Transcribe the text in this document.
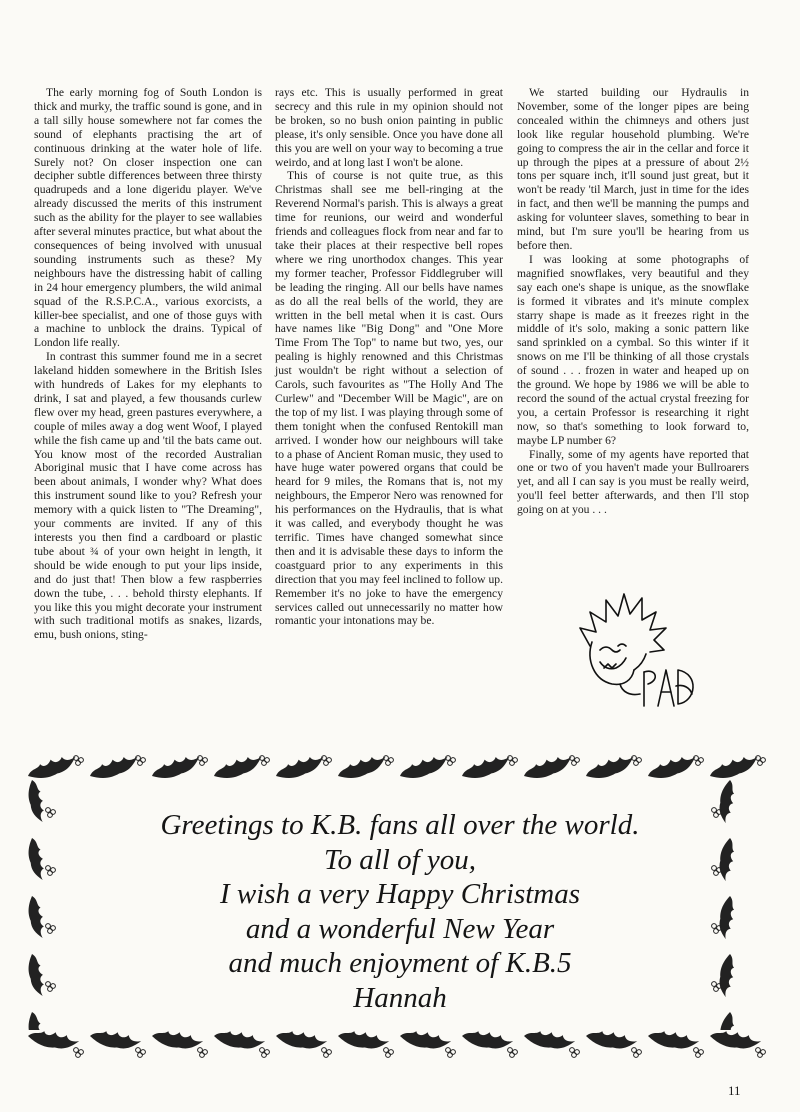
The early morning fog of South London is thick and murky, the traffic sound is gone, and in a tall silly house somewhere not far comes the sound of elephants practising the art of continuous drinking at the water hole of life. Surely not? On closer inspection one can decipher subtle differences between three thirsty quadrupeds and a lone digeridu player. We've already discussed the merits of this instrument such as the ability for the player to see wallabies after several minutes practice, but what about the consequences of being involved with unusual sounding instruments such as these? My neighbours have the distressing habit of calling in 24 hour emergency plumbers, the wild animal squad of the R.S.P.C.A., various exorcists, a killer-bee specialist, and one of those guys with a machine to unblock the drains. Typical of London life really.

In contrast this summer found me in a secret lakeland hidden somewhere in the British Isles with hundreds of Lakes for my elephants to drink, I sat and played, a few thousands curlew flew over my head, green pastures everywhere, a couple of miles away a dog went Woof, I played while the fish came up and 'til the bats came out. You know most of the recorded Australian Aboriginal music that I have come across has been about animals, I wonder why? What does this instrument sound like to you? Refresh your memory with a quick listen to "The Dreaming", your comments are invited. If any of this interests you then find a cardboard or plastic tube about ¾ of your own height in length, it should be wide enough to put your lips inside, and do just that! Then blow a few raspberries down the tube, . . . behold thirsty elephants. If you like this you might decorate your instrument with such traditional motifs as snakes, lizards, emu, bush onions, sting-

rays etc. This is usually performed in great secrecy and this rule in my opinion should not be broken, so no bush onion painting in public please, it's only sensible. Once you have done all this you are well on your way to becoming a true weirdo, and at long last I won't be alone.

This of course is not quite true, as this Christmas shall see me bell-ringing at the Reverend Normal's parish. This is always a great time for reunions, our weird and wonderful friends and colleagues flock from near and far to take their places at their respective bell ropes where we ring unorthodox changes. This year my former teacher, Professor Fiddlegruber will be leading the ringing. All our bells have names as do all the real bells of the world, they are written in the bell metal when it is cast. Ours have names like "Big Dong" and "One More Time From The Top" to name but two, yes, our pealing is highly renowned and this Christmas just wouldn't be right without a selection of Carols, such favourites as "The Holly And The Curlew" and "December Will be Magic", are on the top of my list. I was playing through some of them tonight when the confused Rentokill man arrived. I wonder how our neighbours will take to a phase of Ancient Roman music, they used to have huge water powered organs that could be heard for 9 miles, the Romans that is, not my neighbours, the Emperor Nero was renowned for his performances on the Hydraulis, that is what it was called, and everybody thought he was terrific. Times have changed somewhat since then and it is advisable these days to inform the coastguard prior to any experiments in this direction that you may feel inclined to follow up. Remember it's no joke to have the emergency services called out unnecessarily no matter how romantic your intonations may be.

We started building our Hydraulis in November, some of the longer pipes are being concealed within the chimneys and others just look like regular household plumbing. We're going to compress the air in the cellar and force it up through the pipes at a pressure of about 2½ tons per square inch, it'll sound just great, but it won't be ready 'til March, just in time for the ides in fact, and then we'll be manning the pumps and asking for volunteer slaves, something to bear in mind, but I'm sure you'll be hearing from us before then.

I was looking at some photographs of magnified snowflakes, very beautiful and they say each one's shape is unique, as the snowflake is formed it vibrates and it's minute complex starry shape is made as it freezes right in the middle of it's solo, making a sonic pattern like sand sprinkled on a cymbal. So this winter if it snows on me I'll be thinking of all those crystals of sound . . . frozen in water and heaped up on the ground. We hope by 1986 we will be able to record the sound of the actual crystal freezing for you, a certain Professor is researching it right now, so that's something to look forward to, maybe LP number 6?

Finally, some of my agents have reported that one or two of you haven't made your Bullroarers yet, and all I can say is you must be really weird, you'll feel better afterwards, and then I'll stop going on at you . . .

Greetings to K.B. fans all over the world.
To all of you,
I wish a very Happy Christmas
and a wonderful New Year
and much enjoyment of K.B.5
Hannah
11
